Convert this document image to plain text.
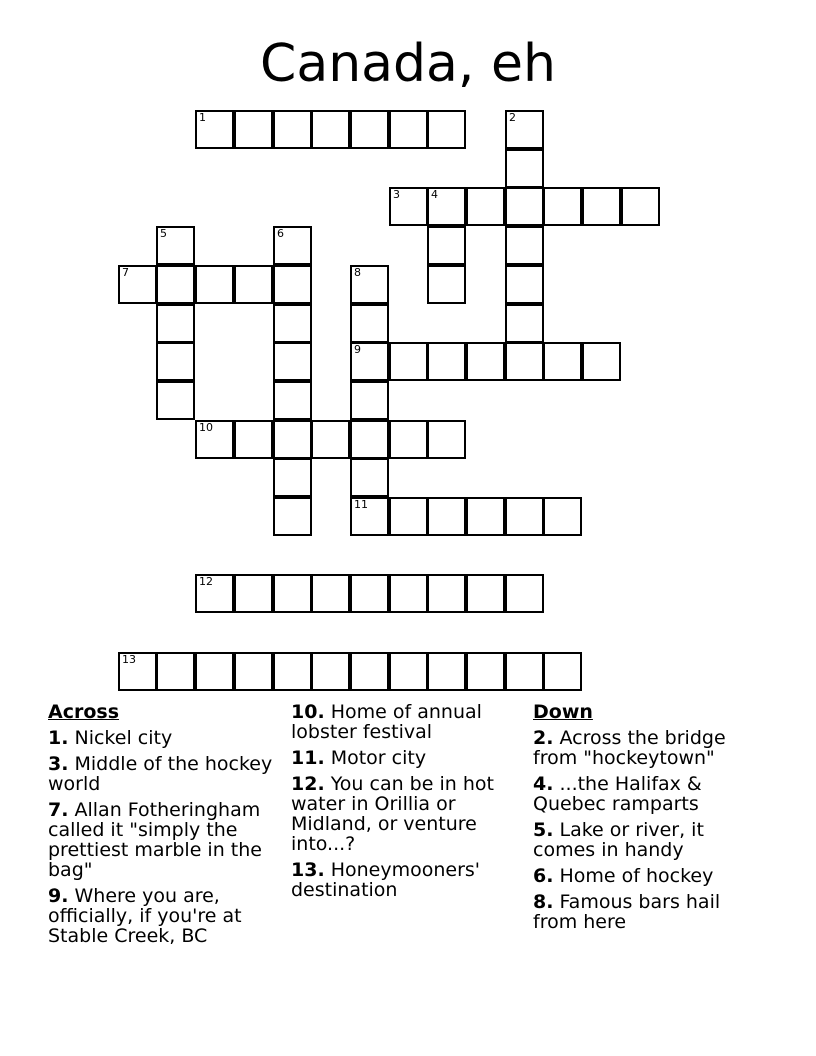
Canada, eh
1	2
3	4
5	6
7	8
9
10
11
12
13
Across
1. Nickel city
3. Middle of the hockey world
7. Allan Fotheringham called it "simply the prettiest marble in the bag"
9. Where you are, officially, if you're at Stable Creek, BC
10. Home of annual lobster festival
11. Motor city
12. You can be in hot water in Orillia or Midland, or venture into...?
13. Honeymooners' destination
Down
2. Across the bridge from "hockeytown"
4. ...the Halifax & Quebec ramparts
5. Lake or river, it comes in handy
6. Home of hockey
8. Famous bars hail from here
